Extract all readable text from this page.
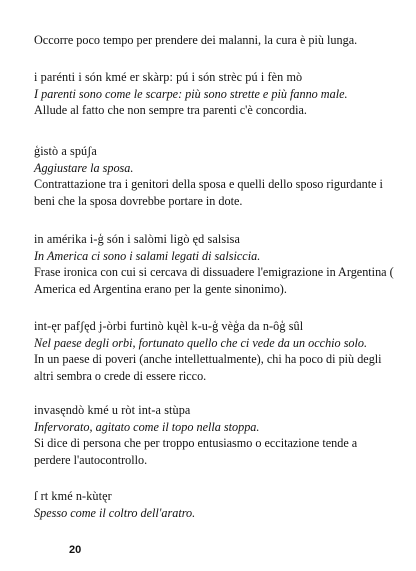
Occorre poco tempo per prendere dei malanni, la cura è più lunga.
i parénti i són kmé er skàrp: pú i són strèc pú i fèn mò
I parenti sono come le scarpe: più sono strette e più fanno male.
Allude al fatto che non sempre tra parenti c'è concordia.
ģistò a spúʃa
Aggiustare la sposa.
Contrattazione tra i genitori della sposa e quelli dello sposo rigurdante i beni che la sposa dovrebbe portare in dote.
in amérika i-ģ són i salòmi ligò ęd salsisa
In America ci sono i salami legati di salsiccia.
Frase ironica con cui si cercava di dissuadere l'emigrazione in Argentina ( America ed Argentina erano per la gente sinonimo).
int-ęr pafʃęd j-òrbi furtinò kųèl k-u-ģ vèģa da n-ôģ sûl
Nel paese degli orbi, fortunato quello che ci vede da un occhio solo.
In un paese di poveri (anche intellettualmente), chi ha poco di più degli altri sembra o crede di essere ricco.
invasęndò kmé u ròt int-a stùpa
Infervorato, agitato come il topo nella stoppa.
Si dice di persona che per troppo entusiasmo o eccitazione tende a perdere l'autocontrollo.
ſ rt kmé n-kùtęr
Spesso come il coltro dell'aratro.
20
